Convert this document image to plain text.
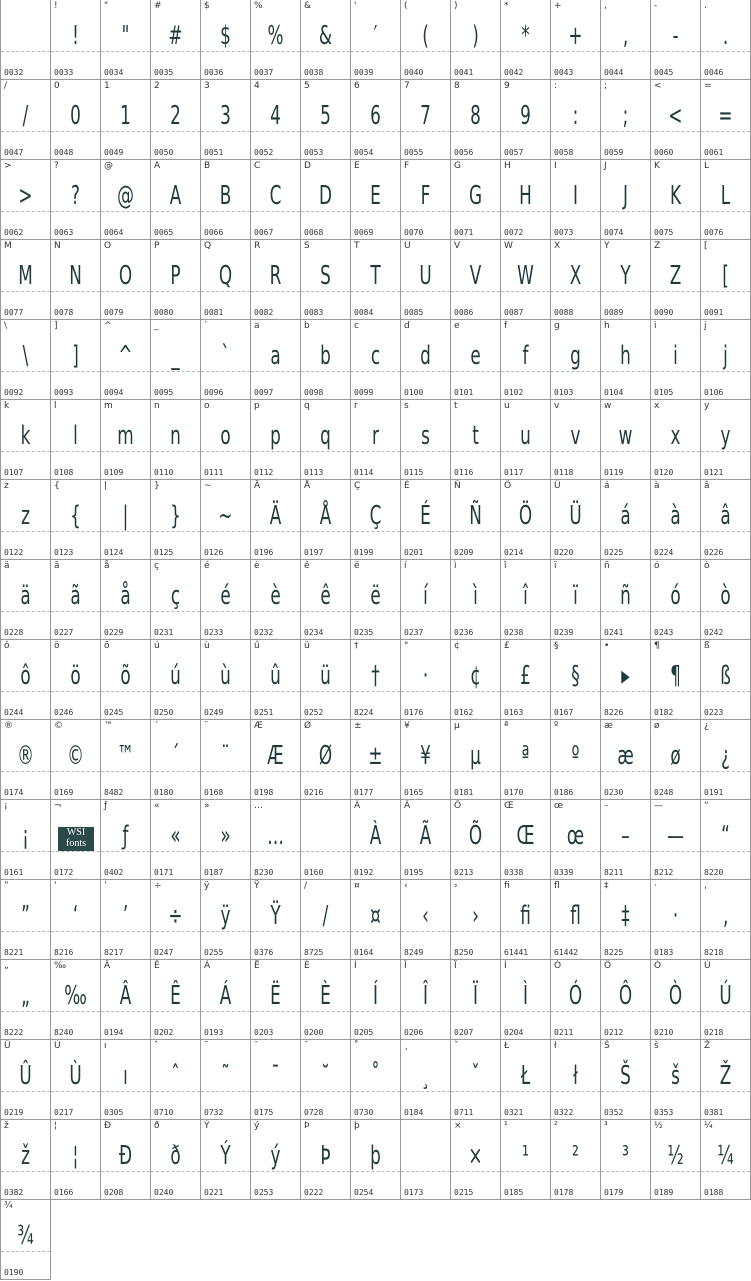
0032
!
!
0033
"
"
0034
#
#
0035
$
$
0036
%
%
0037
&
&
0038
'
′
0039
(
(
0040
)
)
0041
*
*
0042
+
+
0043
,
,
0044
-
-
0045
.
.
0046
/
/
0047
0
0
0048
1
1
0049
2
2
0050
3
3
0051
4
4
0052
5
5
0053
6
6
0054
7
7
0055
8
8
0056
9
9
0057
:
:
0058
;
;
0059
<
<
0060
=
=
0061
>
>
0062
?
?
0063
@
@
0064
A
A
0065
B
B
0066
C
C
0067
D
D
0068
E
E
0069
F
F
0070
G
G
0071
H
H
0072
I
I
0073
J
J
0074
K
K
0075
L
L
0076
M
M
0077
N
N
0078
O
O
0079
P
P
0080
Q
Q
0081
R
R
0082
S
S
0083
T
T
0084
U
U
0085
V
V
0086
W
W
0087
X
X
0088
Y
Y
0089
Z
Z
0090
[
[
0091
\
\
0092
]
]
0093
^
^
0094
_
_
0095
`
`
0096
a
a
0097
b
b
0098
c
c
0099
d
d
0100
e
e
0101
f
f
0102
g
g
0103
h
h
0104
i
i
0105
j
j
0106
k
k
0107
l
l
0108
m
m
0109
n
n
0110
o
o
0111
p
p
0112
q
q
0113
r
r
0114
s
s
0115
t
t
0116
u
u
0117
v
v
0118
w
w
0119
x
x
0120
y
y
0121
z
z
0122
{
{
0123
|
|
0124
}
}
0125
~
~
0126
Ä
Ä
0196
Å
Å
0197
Ç
Ç
0199
É
É
0201
Ñ
Ñ
0209
Ö
Ö
0214
Ü
Ü
0220
á
á
0225
à
à
0224
â
â
0226
ä
ä
0228
ã
ã
0227
å
å
0229
ç
ç
0231
é
é
0233
è
è
0232
ê
ê
0234
ë
ë
0235
í
í
0237
ì
ì
0236
î
î
0238
ï
ï
0239
ñ
ñ
0241
ó
ó
0243
ò
ò
0242
ô
ô
0244
ö
ö
0246
õ
õ
0245
ú
ú
0250
ù
ù
0249
û
û
0251
ü
ü
0252
†
†
8224
°
·
0176
¢
¢
0162
£
£
0163
§
§
0167
•
▸
8226
¶
¶
0182
ß
ß
0223
®
®
0174
©
©
0169
™
™
8482
´
´
0180
¨
¨
0168
Æ
Æ
0198
Ø
Ø
0216
±
±
0177
¥
¥
0165
µ
µ
0181
ª
ª
0170
º
º
0186
æ
æ
0230
ø
ø
0248
¿
¿
0191
¡
¡
0161
¬
WSI fonts
0172
ƒ
ƒ
0402
«
«
0171
»
»
0187
…
…
8230	0160
À
À
0192
Ã
Ã
0195
Õ
Õ
0213
Œ
Œ
0338
œ
œ
0339
–
–
8211
—
—
8212
“
“
8220
”
”
8221
‘
‘
8216
’
’
8217
÷
÷
0247
ÿ
ÿ
0255
Ÿ
Ÿ
0376
/
/
8725
¤
¤
0164
‹
‹
8249
›
›
8250
fi
fi
61441
fl
fl
61442
‡
‡
8225
·
·
0183
‚
‚
8218
„
„
8222
‰
‰
8240
Â
Â
0194
Ê
Ê
0202
Á
Á
0193
Ë
Ë
0203
È
È
0200
Í
Í
0205
Î
Î
0206
Ï
Ï
0207
Ì
Ì
0204
Ó
Ó
0211
Ô
Ô
0212
Ò
Ò
0210
Ú
Ú
0218
Û
Û
0219
Ù
Ù
0217
ı
ı
0305
ˆ
ˆ
0710
˜
˜
0732
¯
¯
0175
˘
˘
0728
˚
˚
0730
¸
¸
0184
ˇ
ˇ
0711
Ł
Ł
0321
ł
ł
0322
Š
Š
0352
š
š
0353
Ž
Ž
0381
ž
ž
0382
¦
¦
0166
Ð
Ð
0208
ð
ð
0240
Ý
Ý
0221
ý
ý
0253
Þ
Þ
0222
þ
þ
0254	0173
×
×
0215
¹
¹
0185
²
²
0178
³
³
0179
½
½
0189
¼
¼
0188
¾
¾
0190
